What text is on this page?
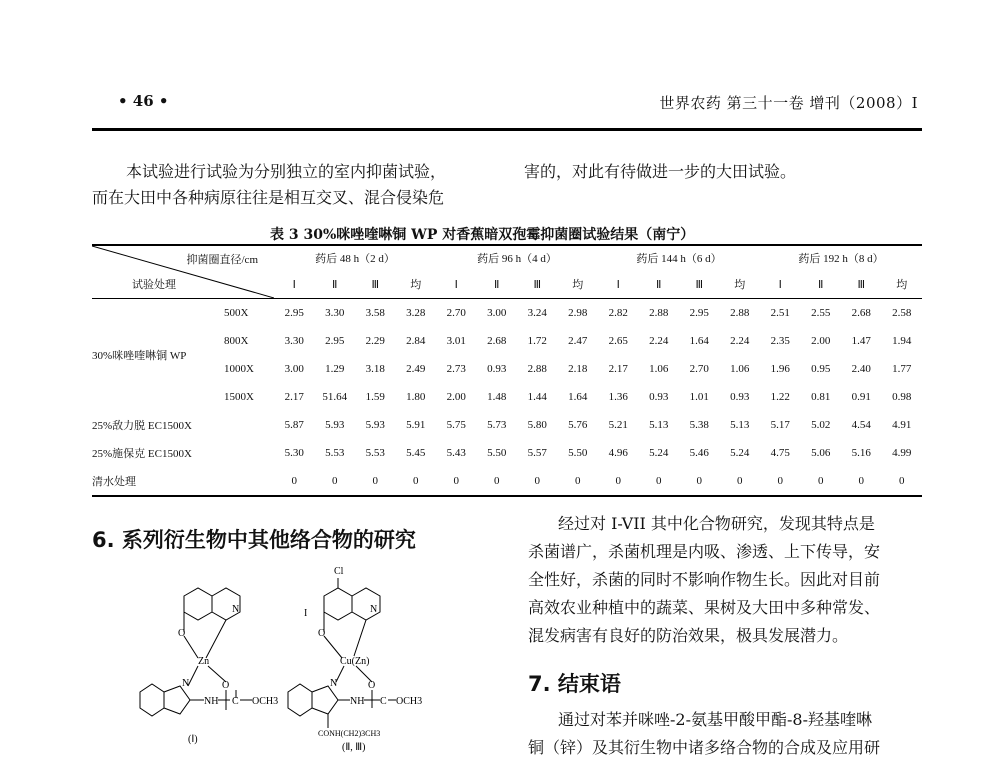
• 46 •	世界农药 第三十一卷 增刊（2008）Ⅰ
本试验进行试验为分别独立的室内抑菌试验，
而在大田中各种病原往往是相互交叉、混合侵染危
害的，对此有待做进一步的大田试验。
表 3 30%咪唑喹啉铜 WP 对香蕉暗双孢霉抑菌圈试验结果（南宁）
抑菌圈直径/cm
试验处理		药后 48 h（2 d）				药后 96 h（4 d）				药后 144 h（6 d）				药后 192 h（8 d）			
		Ⅰ	Ⅱ	Ⅲ	均	Ⅰ	Ⅱ	Ⅲ	均	Ⅰ	Ⅱ	Ⅲ	均	Ⅰ	Ⅱ	Ⅲ	均
30%咪唑喹啉铜 WP	500X	2.95	3.30	3.58	3.28	2.70	3.00	3.24	2.98	2.82	2.88	2.95	2.88	2.51	2.55	2.68	2.58
	800X	3.30	2.95	2.29	2.84	3.01	2.68	1.72	2.47	2.65	2.24	1.64	2.24	2.35	2.00	1.47	1.94
	1000X	3.00	1.29	3.18	2.49	2.73	0.93	2.88	2.18	2.17	1.06	2.70	1.06	1.96	0.95	2.40	1.77
	1500X	2.17	51.64	1.59	1.80	2.00	1.48	1.44	1.64	1.36	0.93	1.01	0.93	1.22	0.81	0.91	0.98
25%敌力脱 EC1500X		5.87	5.93	5.93	5.91	5.75	5.73	5.80	5.76	5.21	5.13	5.38	5.13	5.17	5.02	4.54	4.91
25%施保克 EC1500X		5.30	5.53	5.53	5.45	5.43	5.50	5.57	5.50	4.96	5.24	5.46	5.24	4.75	5.06	5.16	4.99
清水处理		0	0	0	0	0	0	0	0	0	0	0	0	0	0	0	0
6. 系列衍生物中其他络合物的研究
N
O
Zn
O
N
NH C OCH3
(Ⅰ)
Cl
I	N
O
Cu(Zn)
O
N
NH C OCH3
CONH(CH2)3CH3
(Ⅱ, Ⅲ)
经过对 I-VII 其中化合物研究，发现其特点是
杀菌谱广，杀菌机理是内吸、渗透、上下传导，安
全性好，杀菌的同时不影响作物生长。因此对目前
高效农业种植中的蔬菜、果树及大田中多种常发、
混发病害有良好的防治效果，极具发展潜力。
7. 结束语
通过对苯并咪唑-2-氨基甲酸甲酯-8-羟基喹啉
铜（锌）及其衍生物中诸多络合物的合成及应用研
